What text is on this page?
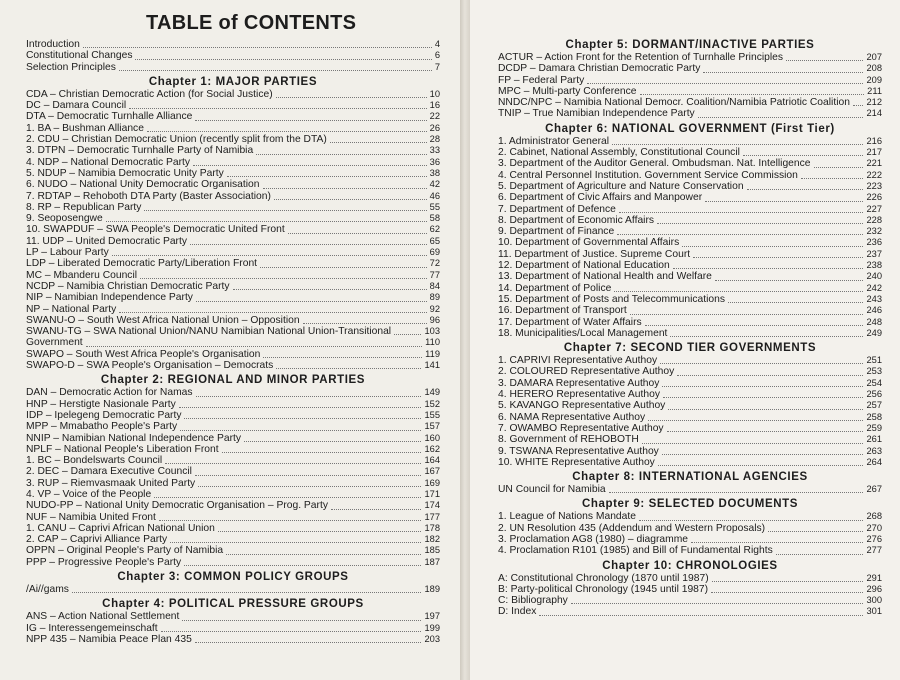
TABLE of CONTENTS
Introduction	4
Constitutional Changes	6
Selection Principles	7
Chapter 1: MAJOR PARTIES
CDA – Christian Democratic Action (for Social Justice)	10
DC – Damara Council	16
DTA – Democratic Turnhalle Alliance	22
1. BA – Bushman Alliance	26
2. CDU – Christian Democratic Union (recently split from the DTA)	28
3. DTPN – Democratic Turnhalle Party of Namibia	33
4. NDP – National Democratic Party	36
5. NDUP – Namibia Democratic Unity Party	38
6. NUDO – National Unity Democratic Organisation	42
7. RDTAP – Rehoboth DTA Party (Baster Association)	46
8. RP – Republican Party	55
9. Seoposengwe	58
10. SWAPDUF – SWA People's Democratic United Front	62
11. UDP – United Democratic Party	65
LP – Labour Party	69
LDP – Liberated Democratic Party/Liberation Front	72
MC – Mbanderu Council	77
NCDP – Namibia Christian Democratic Party	84
NIP – Namibian Independence Party	89
NP – National Party	92
SWANU-O – South West Africa National Union – Opposition	96
SWANU-TG – SWA National Union/NANU Namibian National Union-Transitional	103
Government	110
SWAPO – South West Africa People's Organisation	119
SWAPO-D – SWA People's Organisation – Democrats	141
Chapter 2: REGIONAL AND MINOR PARTIES
DAN – Democratic Action for Namas	149
HNP – Herstigte Nasionale Party	152
IDP – Ipelegeng Democratic Party	155
MPP – Mmabatho People's Party	157
NNIP – Namibian National Independence Party	160
NPLF – National People's Liberation Front	162
1. BC – Bondelswarts Council	164
2. DEC – Damara Executive Council	167
3. RUP – Riemvasmaak United Party	169
4. VP – Voice of the People	171
NUDO-PP – National Unity Democratic Organisation – Prog. Party	174
NUF – Namibia United Front	177
1. CANU – Caprivi African National Union	178
2. CAP – Caprivi Alliance Party	182
OPPN – Original People's Party of Namibia	185
PPP – Progressive People's Party	187
Chapter 3: COMMON POLICY GROUPS
/Ai//gams	189
Chapter 4: POLITICAL PRESSURE GROUPS
ANS – Action National Settlement	197
IG – Interessengemeinschaft	199
NPP 435 – Namibia Peace Plan 435	203
Chapter 5: DORMANT/INACTIVE PARTIES
ACTUR – Action Front for the Retention of Turnhalle Principles	207
DCDP – Damara Christian Democratic Party	208
FP – Federal Party	209
MPC – Multi-party Conference	211
NNDC/NPC – Namibia National Democr. Coalition/Namibia Patriotic Coalition 212
TNIP – True Namibian Independence Party	214
Chapter 6: NATIONAL GOVERNMENT (First Tier)
1. Administrator General	216
2. Cabinet, National Assembly, Constitutional Council	217
3. Department of the Auditor General. Ombudsman. Nat. Intelligence	221
4. Central Personnel Institution. Government Service Commission	222
5. Department of Agriculture and Nature Conservation	223
6. Department of Civic Affairs and Manpower	226
7. Department of Defence	227
8. Department of Economic Affairs	228
9. Department of Finance	232
10. Department of Governmental Affairs	236
11. Department of Justice. Supreme Court	237
12. Department of National Education	238
13. Department of National Health and Welfare	240
14. Department of Police	242
15. Department of Posts and Telecommunications	243
16. Department of Transport	246
17. Department of Water Affairs	248
18. Municipalities/Local Management	249
Chapter 7: SECOND TIER GOVERNMENTS
1. CAPRIVI Representative Authoy	251
2. COLOURED Representative Authoy	253
3. DAMARA Representative Authoy	254
4. HERERO Representative Authoy	256
5. KAVANGO Representative Authoy	257
6. NAMA Representative Authoy	258
7. OWAMBO Representative Authoy	259
8. Government of REHOBOTH	261
9. TSWANA Representative Authoy	263
10. WHITE Representative Authoy	264
Chapter 8: INTERNATIONAL AGENCIES
UN Council for Namibia	267
Chapter 9: SELECTED DOCUMENTS
1. League of Nations Mandate	268
2. UN Resolution 435 (Addendum and Western Proposals)	270
3. Proclamation AG8 (1980) – diagramme	276
4. Proclamation R101 (1985) and Bill of Fundamental Rights	277
Chapter 10: CHRONOLOGIES
A: Constitutional Chronology (1870 until 1987)	291
B: Party-political Chronology (1945 until 1987)	296
C: Bibliography	300
D: Index	301
